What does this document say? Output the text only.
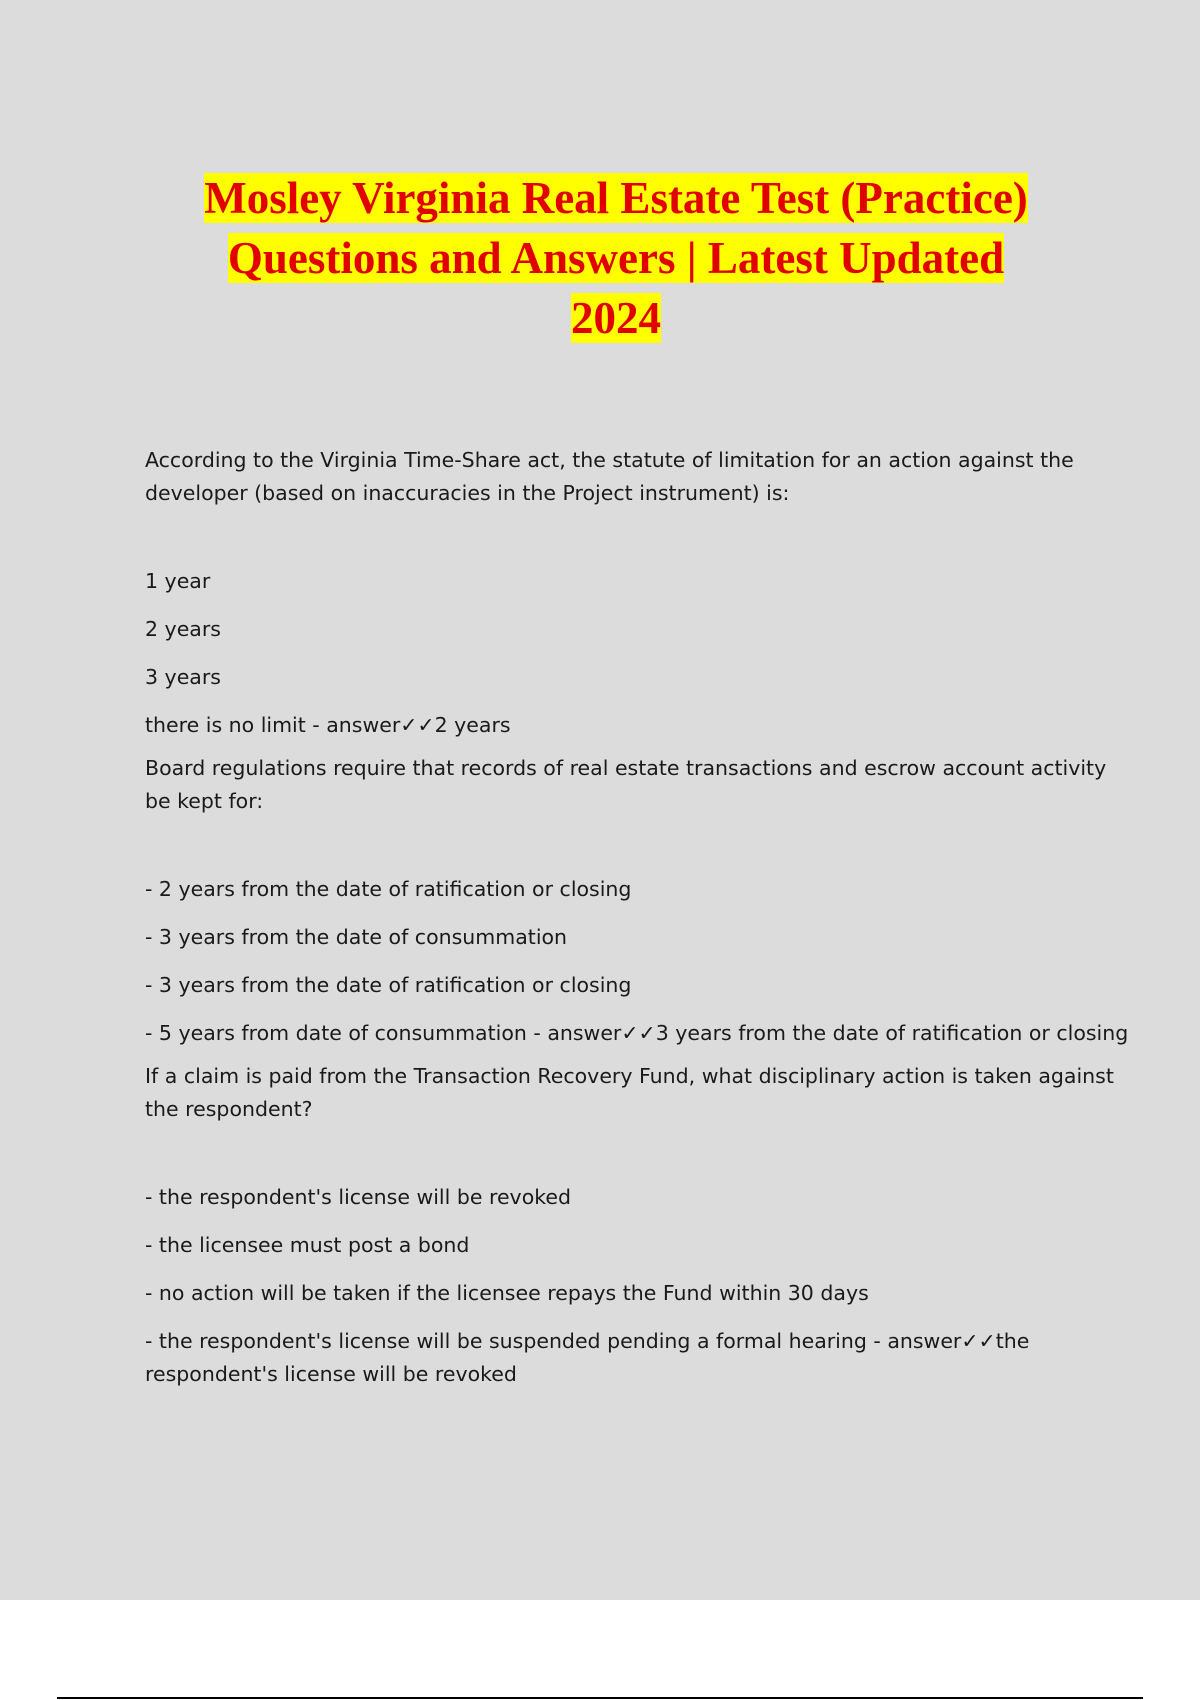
Mosley Virginia Real Estate Test (Practice)
Questions and Answers | Latest Updated
2024

According to the Virginia Time-Share act, the statute of limitation for an action against the

developer (based on inaccuracies in the Project instrument) is:

1 year

2 years

3 years

there is no limit - answer✓✓2 years

Board regulations require that records of real estate transactions and escrow account activity

be kept for:

- 2 years from the date of ratification or closing

- 3 years from the date of consummation

- 3 years from the date of ratification or closing

- 5 years from date of consummation - answer✓✓3 years from the date of ratification or closing

If a claim is paid from the Transaction Recovery Fund, what disciplinary action is taken against

the respondent?

- the respondent's license will be revoked

- the licensee must post a bond

- no action will be taken if the licensee repays the Fund within 30 days

- the respondent's license will be suspended pending a formal hearing - answer✓✓the

respondent's license will be revoked
